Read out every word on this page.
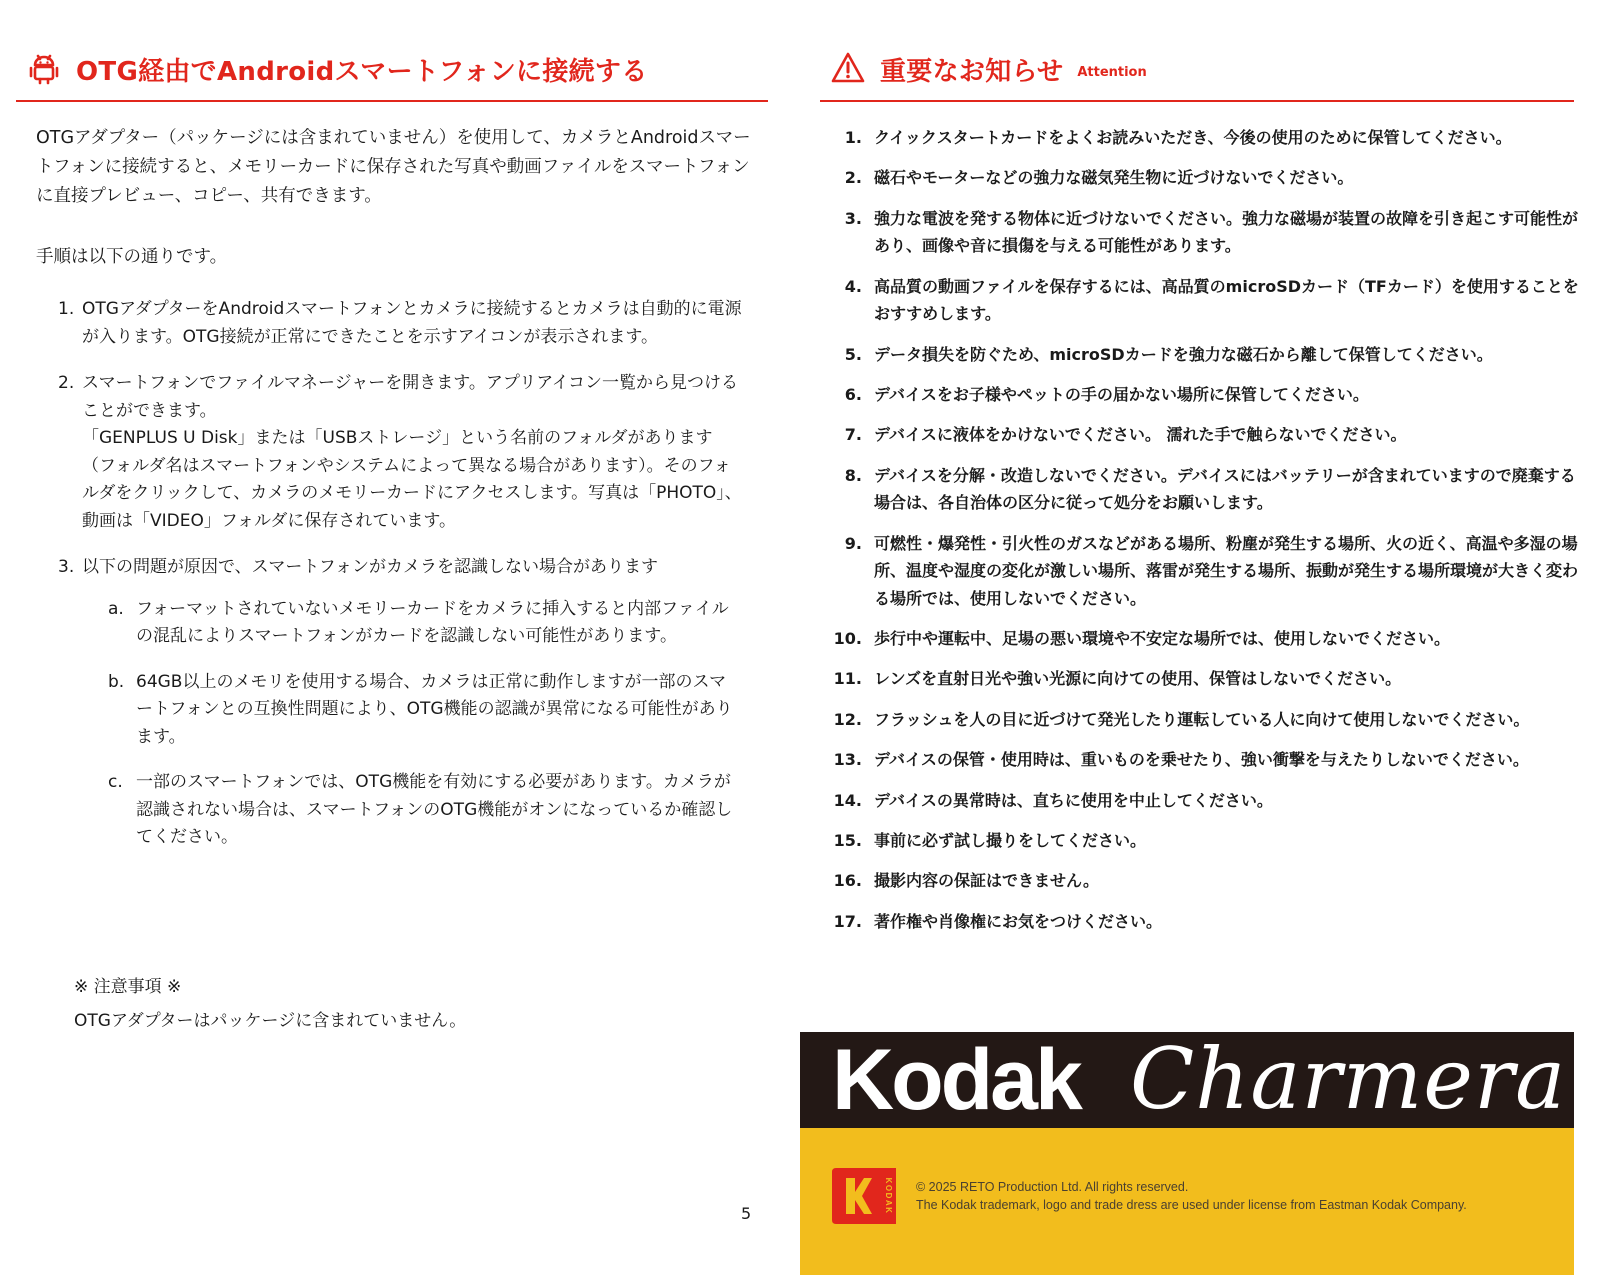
OTG経由でAndroidスマートフォンに接続する

OTGアダプター（パッケージには含まれていません）を使用して、カメラとAndroidスマートフォンに接続すると、メモリーカードに保存された写真や動画ファイルをスマートフォンに直接プレビュー、コピー、共有できます。

手順は以下の通りです。

1. OTGアダプターをAndroidスマートフォンとカメラに接続するとカメラは自動的に電源が入ります。OTG接続が正常にできたことを示すアイコンが表示されます。
2. スマートフォンでファイルマネージャーを開きます。アプリアイコン一覧から見つけることができます。
「GENPLUS U Disk」または「USBストレージ」という名前のフォルダがあります（フォルダ名はスマートフォンやシステムによって異なる場合があります）。そのフォルダをクリックして、カメラのメモリーカードにアクセスします。写真は「PHOTO」、動画は「VIDEO」フォルダに保存されています。
3. 以下の問題が原因で、スマートフォンがカメラを認識しない場合があります
a. フォーマットされていないメモリーカードをカメラに挿入すると内部ファイルの混乱によりスマートフォンがカードを認識しない可能性があります。
b. 64GB以上のメモリを使用する場合、カメラは正常に動作しますが一部のスマートフォンとの互換性問題により、OTG機能の認識が異常になる可能性があります。
c. 一部のスマートフォンでは、OTG機能を有効にする必要があります。カメラが認識されない場合は、スマートフォンのOTG機能がオンになっているか確認してください。
※ 注意事項 ※
OTGアダプターはパッケージに含まれていません。
重要なお知らせ Attention
1. クイックスタートカードをよくお読みいただき、今後の使用のために保管してください。
2. 磁石やモーターなどの強力な磁気発生物に近づけないでください。
3. 強力な電波を発する物体に近づけないでください。強力な磁場が装置の故障を引き起こす可能性があり、画像や音に損傷を与える可能性があります。
4. 高品質の動画ファイルを保存するには、高品質のmicroSDカード（TFカード）を使用することをおすすめします。
5. データ損失を防ぐため、microSDカードを強力な磁石から離して保管してください。
6. デバイスをお子様やペットの手の届かない場所に保管してください。
7. デバイスに液体をかけないでください。 濡れた手で触らないでください。
8. デバイスを分解・改造しないでください。デバイスにはバッテリーが含まれていますので廃棄する場合は、各自治体の区分に従って処分をお願いします。
9. 可燃性・爆発性・引火性のガスなどがある場所、粉塵が発生する場所、火の近く、高温や多湿の場所、温度や湿度の変化が激しい場所、落雷が発生する場所、振動が発生する場所環境が大きく変わる場所では、使用しないでください。
10. 歩行中や運転中、足場の悪い環境や不安定な場所では、使用しないでください。
11. レンズを直射日光や強い光源に向けての使用、保管はしないでください。
12. フラッシュを人の目に近づけて発光したり運転している人に向けて使用しないでください。
13. デバイスの保管・使用時は、重いものを乗せたり、強い衝撃を与えたりしないでください。
14. デバイスの異常時は、直ちに使用を中止してください。
15. 事前に必ず試し撮りをしてください。
16. 撮影内容の保証はできません。
17. 著作権や肖像権にお気をつけください。
5
Kodak Charmera
KODAK © 2025 RETO Production Ltd. All rights reserved.
The Kodak trademark, logo and trade dress are used under license from Eastman Kodak Company.
